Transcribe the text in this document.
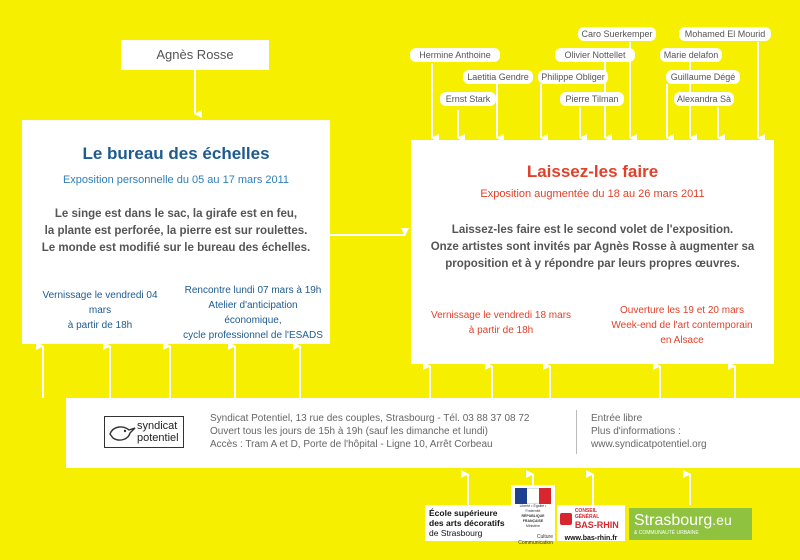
Agnès Rosse	Hermine Anthoine
Laetitia Gendre
Ernst Stark
Philippe Obliger
Olivier Nottellet
Pierre Tilman
Caro Suerkemper
Marie delafon
Guillaume Dégé
Alexandra Sà
Mohamed El Mourid
Le bureau des échelles
Exposition personnelle du 05 au 17 mars 2011
Le singe est dans le sac, la girafe est en feu,
la plante est perforée, la pierre est sur roulettes.
Le monde est modifié sur le bureau des échelles.
Vernissage le vendredi 04 mars
à partir de 18h
Rencontre lundi 07 mars à 19h
Atelier d'anticipation économique,
cycle professionnel de l'ESADS
Laissez-les faire
Exposition augmentée du 18 au 26 mars 2011
Laissez-les faire est le second volet de l'exposition.
Onze artistes sont invités par Agnès Rosse à augmenter sa
proposition et à y répondre par leurs propres œuvres.
Vernissage le vendredi 18 mars
à partir de 18h
Ouverture les 19 et 20 mars
Week-end de l'art contemporain
en Alsace
syndicat
potentiel
Syndicat Potentiel, 13 rue des couples, Strasbourg - Tél. 03 88 37 08 72
Ouvert tous les jours de 15h à 19h (sauf les dimanche et lundi)
Accès : Tram A et D, Porte de l'hôpital - Ligne 10, Arrêt Corbeau
Entrée libre
Plus d'informations :
www.syndicatpotentiel.org
École supérieure
des arts décoratifs
de Strasbourg
Liberté • Égalité • Fraternité
RÉPUBLIQUE FRANÇAISE
Ministère
Culture
Communication
CONSEIL GÉNÉRAL
BAS-RHIN
www.bas-rhin.fr
Strasbourg.eu
& COMMUNAUTÉ URBAINE
